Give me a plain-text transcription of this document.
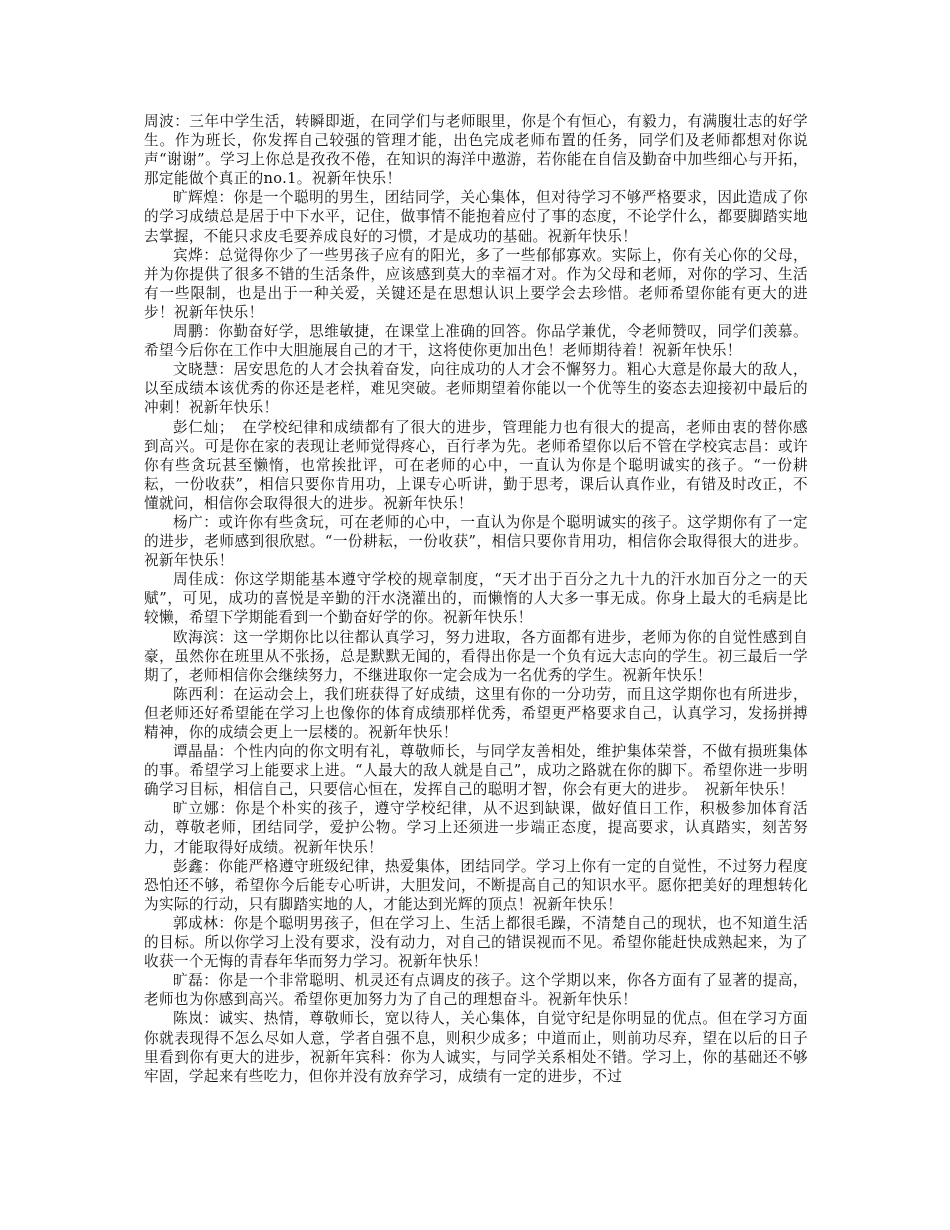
周波：三年中学生活，转瞬即逝，在同学们与老师眼里，你是个有恒心，有毅力，有满腹壮志的好学生。作为班长，你发挥自己较强的管理才能，出色完成老师布置的任务，同学们及老师都想对你说声“谢谢”。学习上你总是孜孜不倦，在知识的海洋中遨游，若你能在自信及勤奋中加些细心与开拓，那定能做个真正的no.1。祝新年快乐！

旷辉煌：你是一个聪明的男生，团结同学，关心集体，但对待学习不够严格要求，因此造成了你的学习成绩总是居于中下水平，记住，做事情不能抱着应付了事的态度，不论学什么，都要脚踏实地去掌握，不能只求皮毛要养成良好的习惯，才是成功的基础。祝新年快乐！

宾烨：总觉得你少了一些男孩子应有的阳光，多了一些郁郁寡欢。实际上，你有关心你的父母，并为你提供了很多不错的生活条件，应该感到莫大的幸福才对。作为父母和老师，对你的学习、生活有一些限制，也是出于一种关爱，关键还是在思想认识上要学会去珍惜。老师希望你能有更大的进步！祝新年快乐！

周鹏：你勤奋好学，思维敏捷，在课堂上准确的回答。你品学兼优，令老师赞叹，同学们羡慕。希望今后你在工作中大胆施展自己的才干，这将使你更加出色！老师期待着！祝新年快乐！

文晓慧：居安思危的人才会执着奋发，向往成功的人才会不懈努力。粗心大意是你最大的敌人，以至成绩本该优秀的你还是老样，难见突破。老师期望着你能以一个优等生的姿态去迎接初中最后的冲刺！祝新年快乐！

彭仁灿；　在学校纪律和成绩都有了很大的进步，管理能力也有很大的提高，老师由衷的替你感到高兴。可是你在家的表现让老师觉得疼心，百行孝为先。老师希望你以后不管在学校宾志昌：或许你有些贪玩甚至懒惰，也常挨批评，可在老师的心中，一直认为你是个聪明诚实的孩子。“一份耕耘，一份收获”，相信只要你肯用功，上课专心听讲，勤于思考，课后认真作业，有错及时改正，不懂就问，相信你会取得很大的进步。祝新年快乐！

杨广：或许你有些贪玩，可在老师的心中，一直认为你是个聪明诚实的孩子。这学期你有了一定的进步，老师感到很欣慰。“一份耕耘，一份收获”，相信只要你肯用功，相信你会取得很大的进步。祝新年快乐！

周佳成：你这学期能基本遵守学校的规章制度，“天才出于百分之九十九的汗水加百分之一的天赋”，可见，成功的喜悦是辛勤的汗水浇灌出的，而懒惰的人大多一事无成。你身上最大的毛病是比较懒，希望下学期能看到一个勤奋好学的你。祝新年快乐！

欧海滨：这一学期你比以往都认真学习，努力进取，各方面都有进步，老师为你的自觉性感到自豪，虽然你在班里从不张扬，总是默默无闻的，看得出你是一个负有远大志向的学生。初三最后一学期了，老师相信你会继续努力，不继进取你一定会成为一名优秀的学生。祝新年快乐！

陈西利：在运动会上，我们班获得了好成绩，这里有你的一分功劳，而且这学期你也有所进步，但老师还好希望能在学习上也像你的体育成绩那样优秀，希望更严格要求自己，认真学习，发扬拼搏精神，你的成绩会更上一层楼的。祝新年快乐！

谭晶晶：个性内向的你文明有礼，尊敬师长，与同学友善相处，维护集体荣誉，不做有损班集体的事。希望学习上能要求上进。“人最大的敌人就是自己”，成功之路就在你的脚下。希望你进一步明确学习目标，相信自己，只要信心恒在，发挥自己的聪明才智，你会有更大的进步。　祝新年快乐！

旷立娜：你是个朴实的孩子，遵守学校纪律，从不迟到缺课，做好值日工作，积极参加体育活动，尊敬老师，团结同学，爱护公物。学习上还须进一步端正态度，提高要求，认真踏实，刻苦努力，才能取得好成绩。祝新年快乐！

彭鑫：你能严格遵守班级纪律，热爱集体，团结同学。学习上你有一定的自觉性，不过努力程度恐怕还不够，希望你今后能专心听讲，大胆发问，不断提高自己的知识水平。愿你把美好的理想转化为实际的行动，只有脚踏实地的人，才能达到光辉的顶点！祝新年快乐！

郭成林：你是个聪明男孩子，但在学习上、生活上都很毛躁，不清楚自己的现状，也不知道生活的目标。所以你学习上没有要求，没有动力，对自己的错误视而不见。希望你能赶快成熟起来，为了收获一个无悔的青春年华而努力学习。祝新年快乐！

旷磊：你是一个非常聪明、机灵还有点调皮的孩子。这个学期以来，你各方面有了显著的提高，老师也为你感到高兴。希望你更加努力为了自己的理想奋斗。祝新年快乐！

陈岚：诚实、热情，尊敬师长，宽以待人，关心集体，自觉守纪是你明显的优点。但在学习方面你就表现得不怎么尽如人意，学者自强不息，则积少成多；中道而止，则前功尽弃，望在以后的日子里看到你有更大的进步，祝新年宾科：你为人诚实，与同学关系相处不错。学习上，你的基础还不够牢固，学起来有些吃力，但你并没有放弃学习，成绩有一定的进步，不过
